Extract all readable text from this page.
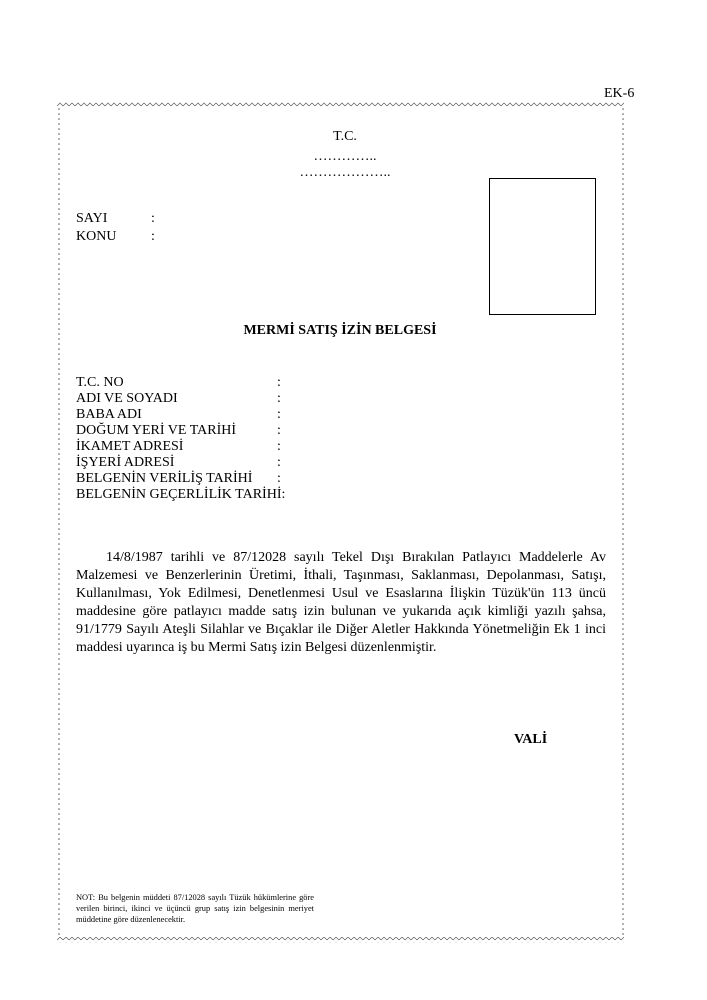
EK-6
T.C.
…………..
………………..
SAYI	:
KONU :
MERMİ SATIŞ İZİN BELGESİ
T.C. NO	:
ADI VE SOYADI	:
BABA ADI	:
DOĞUM YERİ VE TARİHİ	:
İKAMET ADRESİ	:
İŞYERİ ADRESİ	:
BELGENİN VERİLİŞ TARİHİ :
BELGENİN GEÇERLİLİK TARİHİ:

14/8/1987 tarihli ve 87/12028 sayılı Tekel Dışı Bırakılan Patlayıcı Maddelerle Av Malzemesi ve Benzerlerinin Üretimi, İthali, Taşınması, Saklanması, Depolanması, Satışı, Kullanılması, Yok Edilmesi, Denetlenmesi Usul ve Esaslarına İlişkin Tüzük'ün 113 üncü maddesine göre patlayıcı madde satış izin bulunan ve yukarıda açık kimliği yazılı şahsa, 91/1779 Sayılı Ateşli Silahlar ve Bıçaklar ile Diğer Aletler Hakkında Yönetmeliğin Ek 1 inci maddesi uyarınca iş bu Mermi Satış izin Belgesi düzenlenmiştir.

VALİ

NOT: Bu belgenin müddeti 87/12028 sayılı Tüzük hükümlerine göre verilen birinci, ikinci ve üçüncü grup satış izin belgesinin meriyet müddetine göre düzenlenecektir.
